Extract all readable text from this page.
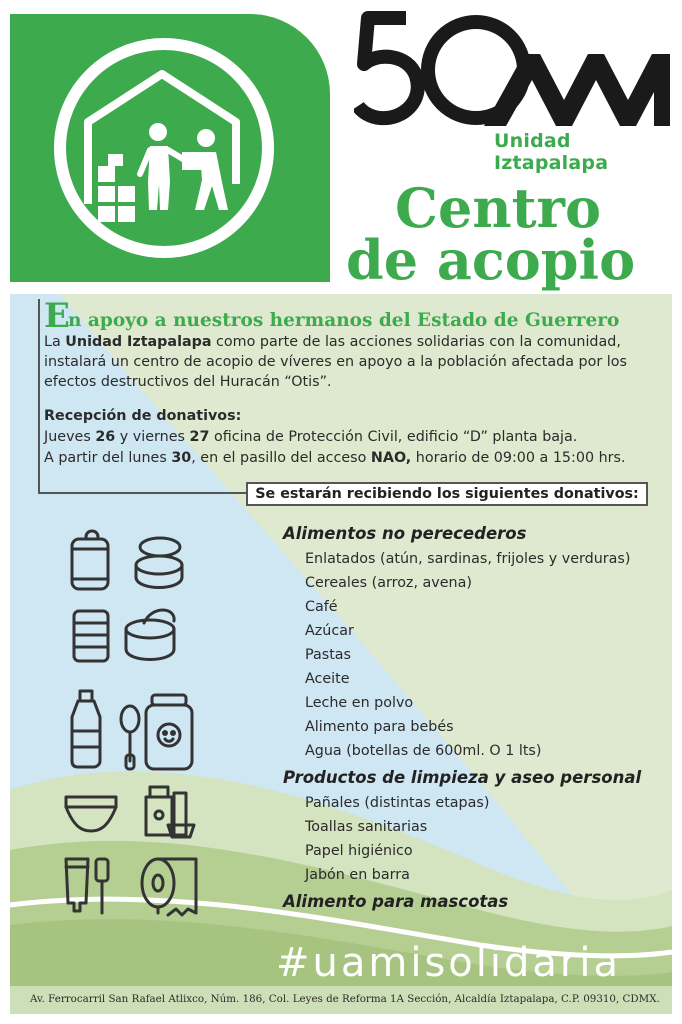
Unidad Iztapalapa
Centro
de acopio
E
n apoyo a nuestros hermanos del Estado de Guerrero
La Unidad Iztapalapa como parte de las acciones solidarias con la comunidad,
instalará un centro de acopio de víveres en apoyo a la población afectada por los
efectos destructivos del Huracán “Otis”.
Recepción de donativos:
Jueves 26 y viernes 27 oficina de Protección Civil, edificio “D” planta baja.
A partir del lunes 30, en el pasillo del acceso NAO, horario de 09:00 a 15:00 hrs.
Se estarán recibiendo los siguientes donativos:
Alimentos no perecederos
Enlatados (atún, sardinas, frijoles y verduras)
Cereales (arroz, avena)
Café
Azúcar
Pastas
Aceite
Leche en polvo
Alimento para bebés
Agua (botellas de 600ml. O 1 lts)
Productos de limpieza y aseo personal
Pañales (distintas etapas)
Toallas sanitarias
Papel higiénico
Jabón en barra
Alimento para mascotas
#uamisolidaria
Av. Ferrocarril San Rafael Atlixco, Núm. 186, Col. Leyes de Reforma 1A Sección, Alcaldía Iztapalapa, C.P. 09310, CDMX.
